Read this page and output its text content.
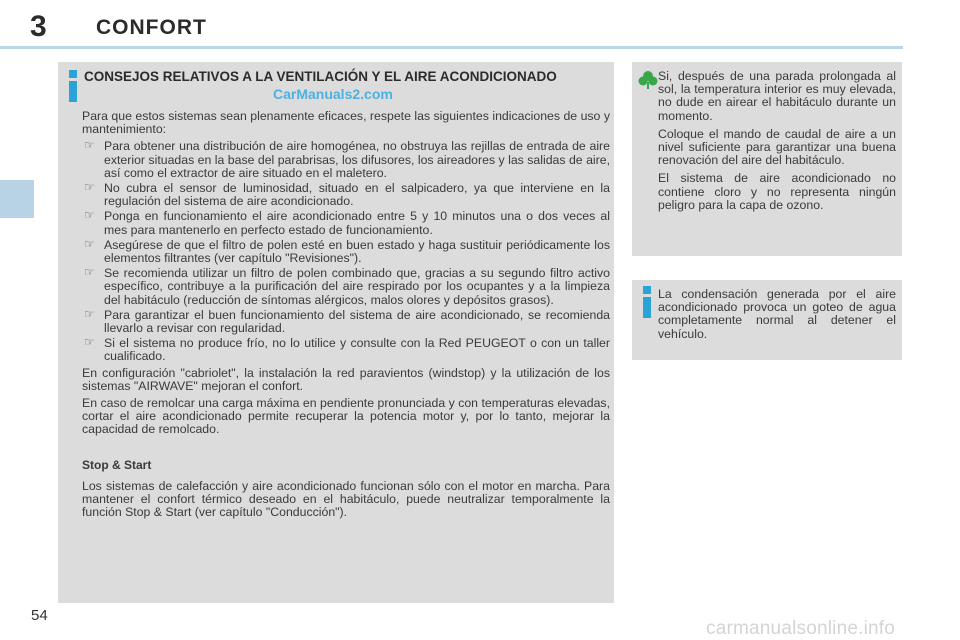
3 CONFORT
CONSEJOS RELATIVOS A LA VENTILACIÓN Y EL AIRE ACONDICIONADO

Para que estos sistemas sean plenamente eficaces, respete las siguientes indicaciones de uso y mantenimiento:

☞ Para obtener una distribución de aire homogénea, no obstruya las rejillas de entrada de aire exterior situadas en la base del parabrisas, los difusores, los aireadores y las salidas de aire, así como el extractor de aire situado en el maletero.
☞ No cubra el sensor de luminosidad, situado en el salpicadero, ya que interviene en la regulación del sistema de aire acondicionado.
☞ Ponga en funcionamiento el aire acondicionado entre 5 y 10 minutos una o dos veces al mes para mantenerlo en perfecto estado de funcionamiento.
☞ Asegúrese de que el filtro de polen esté en buen estado y haga sustituir periódicamente los elementos filtrantes (ver capítulo "Revisiones").
☞ Se recomienda utilizar un filtro de polen combinado que, gracias a su segundo filtro activo específico, contribuye a la purificación del aire respirado por los ocupantes y a la limpieza del habitáculo (reducción de síntomas alérgicos, malos olores y depósitos grasos).
☞ Para garantizar el buen funcionamiento del sistema de aire acondicionado, se recomienda llevarlo a revisar con regularidad.
☞ Si el sistema no produce frío, no lo utilice y consulte con la Red PEUGEOT o con un taller cualificado.

En configuración "cabriolet", la instalación la red paravientos (windstop) y la utilización de los sistemas "AIRWAVE" mejoran el confort.

En caso de remolcar una carga máxima en pendiente pronunciada y con temperaturas elevadas, cortar el aire acondicionado permite recuperar la potencia motor y, por lo tanto, mejorar la capacidad de remolcado.

Stop & Start

Los sistemas de calefacción y aire acondicionado funcionan sólo con el motor en marcha. Para mantener el confort térmico deseado en el habitáculo, puede neutralizar temporalmente la función Stop & Start (ver capítulo "Conducción").

CarManuals2.com

Si, después de una parada prolongada al sol, la temperatura interior es muy elevada, no dude en airear el habitáculo durante un momento.

Coloque el mando de caudal de aire a un nivel suficiente para garantizar una buena renovación del aire del habitáculo.

El sistema de aire acondicionado no contiene cloro y no representa ningún peligro para la capa de ozono.

La condensación generada por el aire acondicionado provoca un goteo de agua completamente normal al detener el vehículo.

54
carmanualsonline.info
